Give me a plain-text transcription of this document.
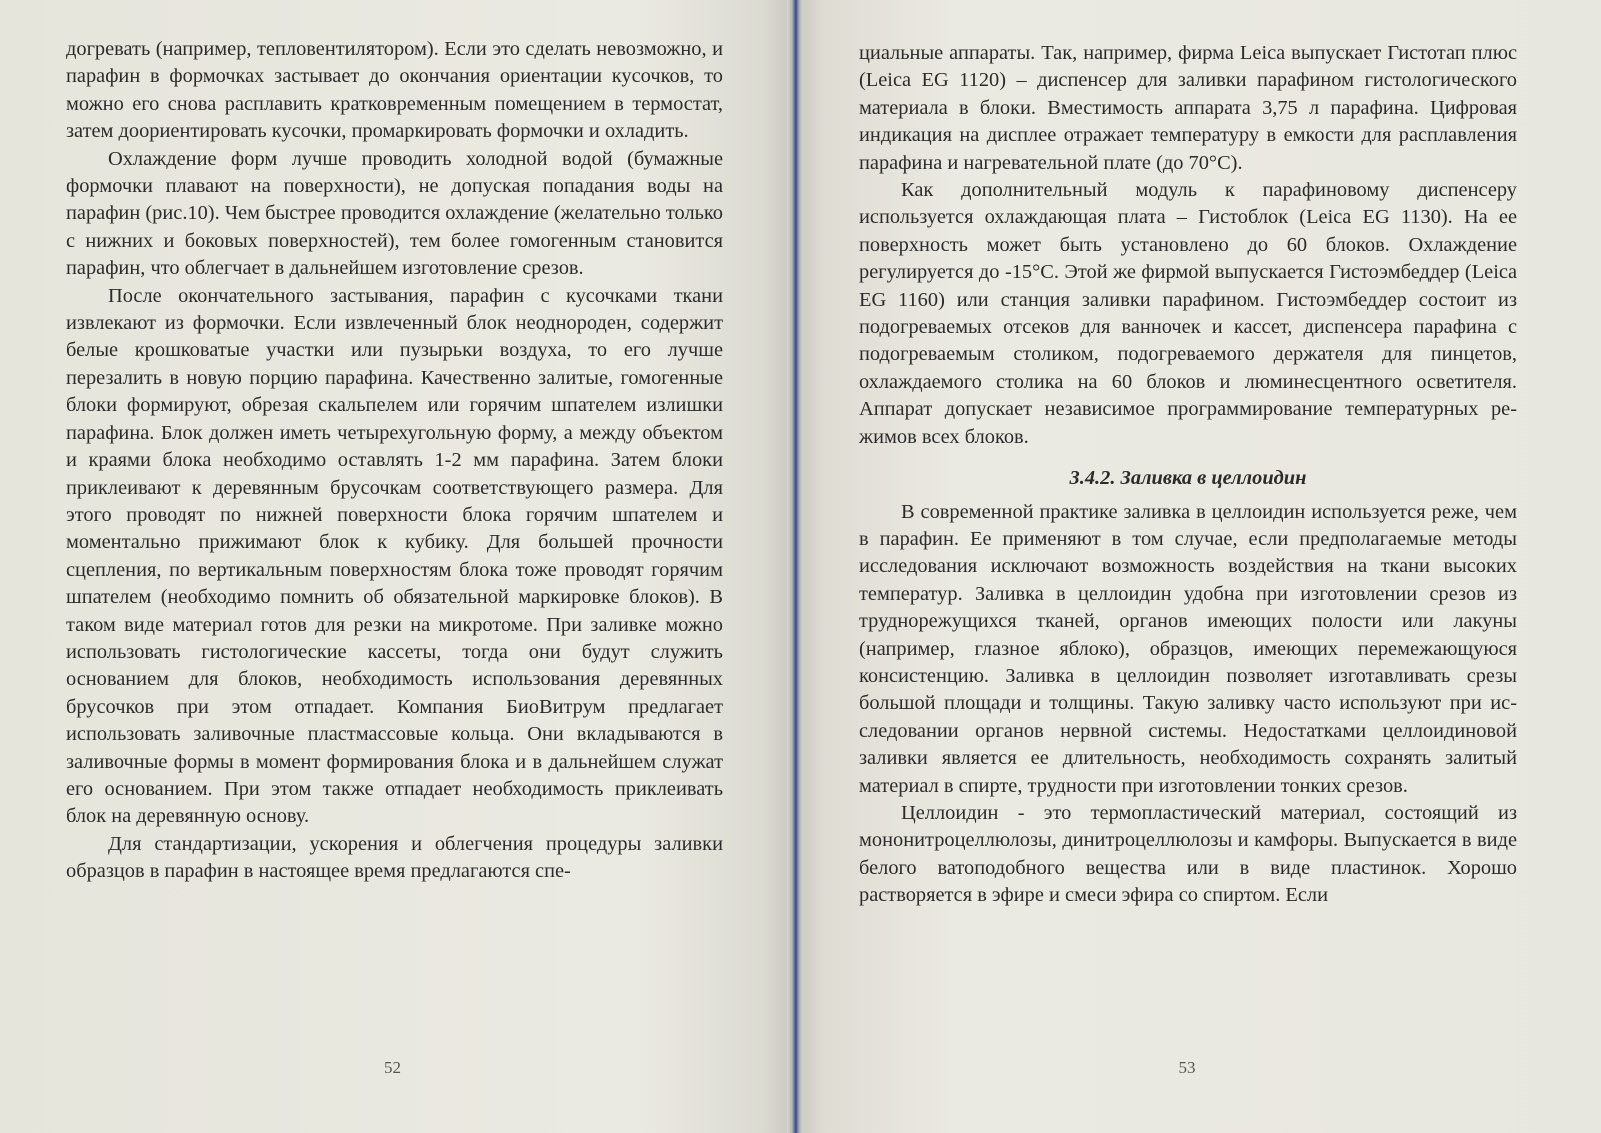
догревать (например, тепловентилятором). Если это сделать невозможно, и парафин в формочках застывает до окончания ориентации кусочков, то можно его снова расплавить кратковременным помещением в термостат, затем доориентировать кусочки, промаркировать формочки и охладить.

Охлаждение форм лучше проводить холодной водой (бумажные формочки плавают на поверхности), не допуская попадания воды на парафин (рис.10). Чем быстрее проводится охлаждение (желательно только с нижних и боковых поверхностей), тем более гомогенным становится парафин, что облегчает в дальнейшем изготовление срезов.

После окончательного застывания, парафин с кусочками ткани извлекают из формочки. Если извлеченный блок неоднороден, содержит белые крошковатые участки или пузырьки воздуха, то его лучше перезалить в новую порцию парафина. Качественно залитые, гомогенные блоки формируют, обрезая скальпелем или горячим шпателем излишки парафина. Блок должен иметь четырехугольную форму, а между объектом и краями блока необходимо оставлять 1-2 мм парафина. Затем блоки приклеивают к деревянным брусочкам соответствующего размера. Для этого проводят по нижней поверхности блока горячим шпателем и моментально прижимают блок к кубику. Для большей прочности сцепления, по вертикальным поверхностям блока тоже проводят горячим шпателем (необходимо помнить об обязательной маркировке блоков). В таком виде материал готов для резки на микротоме. При заливке можно использовать гистологические кассеты, тогда они будут служить основанием для блоков, необходимость использования деревянных брусочков при этом отпадает. Компания БиоВитрум предлагает использовать заливочные пластмассовые кольца. Они вкладываются в заливочные формы в момент формирования блока и в дальнейшем служат его основанием. При этом также отпадает необходимость приклеивать блок на деревянную основу.

Для стандартизации, ускорения и облегчения процедуры заливки образцов в парафин в настоящее время предлагаются спе-

52

циальные аппараты. Так, например, фирма Leica выпускает Гистотап плюс (Leica EG 1120) – диспенсер для заливки парафином гистологического материала в блоки. Вместимость аппарата 3,75 л парафина. Цифровая индикация на дисплее отражает температуру в емкости для расплавления парафина и нагревательной плате (до 70°С).

Как дополнительный модуль к парафиновому диспенсеру используется охлаждающая плата – Гистоблок (Leica EG 1130). На ее поверхность может быть установлено до 60 блоков. Охлаждение регулируется до -15°С. Этой же фирмой выпускается Гистоэмбеддер (Leica EG 1160) или станция заливки парафином. Гистоэмбеддер состоит из подогреваемых отсеков для ванночек и кассет, диспенсера парафина с подогреваемым столиком, подогреваемого держателя для пинцетов, охлаждаемого столика на 60 блоков и люминесцентного осветителя. Аппарат допускает независимое программирование температурных режимов всех блоков.

3.4.2. Заливка в целлоидин

В современной практике заливка в целлоидин используется реже, чем в парафин. Ее применяют в том случае, если предполагаемые методы исследования исключают возможность воздействия на ткани высоких температур. Заливка в целлоидин удобна при изготовлении срезов из труднорежущихся тканей, органов имеющих полости или лакуны (например, глазное яблоко), образцов, имеющих перемежающуюся консистенцию. Заливка в целлоидин позволяет изготавливать срезы большой площади и толщины. Такую заливку часто используют при исследовании органов нервной системы. Недостатками целлоидиновой заливки является ее длительность, необходимость сохранять залитый материал в спирте, трудности при изготовлении тонких срезов.

Целлоидин - это термопластический материал, состоящий из мононитроцеллюлозы, динитроцеллюлозы и камфоры. Выпускается в виде белого ватоподобного вещества или в виде пластинок. Хорошо растворяется в эфире и смеси эфира со спиртом. Если

53
